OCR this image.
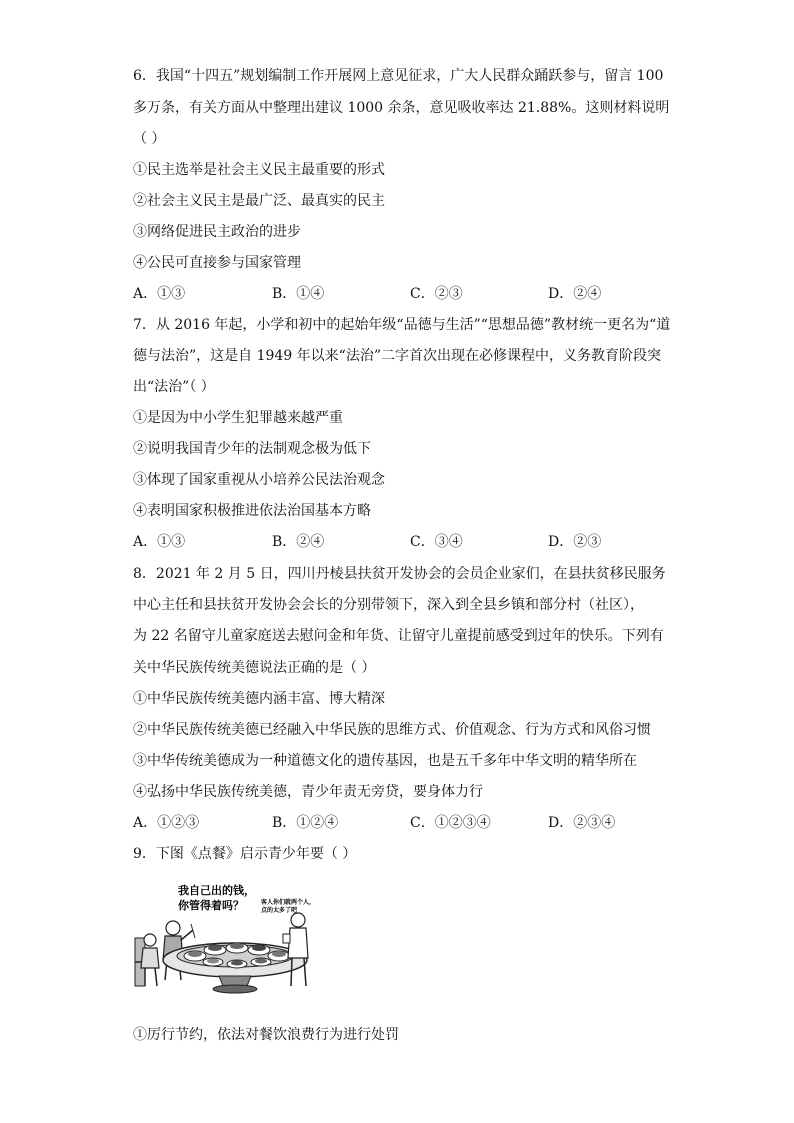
6．我国“十四五”规划编制工作开展网上意见征求，广大人民群众踊跃参与，留言 100
多万条，有关方面从中整理出建议 1000 余条，意见吸收率达 21.88%。这则材料说明
（ ）
①民主选举是社会主义民主最重要的形式
②社会主义民主是最广泛、最真实的民主
③网络促进民主政治的进步
④公民可直接参与国家管理
A．①③	B．①④	C．②③	D．②④
7．从 2016 年起，小学和初中的起始年级“品德与生活”“思想品德”教材统一更名为“道
德与法治”，这是自 1949 年以来“法治”二字首次出现在必修课程中，义务教育阶段突
出“法治”（ ）
①是因为中小学生犯罪越来越严重
②说明我国青少年的法制观念极为低下
③体现了国家重视从小培养公民法治观念
④表明国家积极推进依法治国基本方略
A．①③	B．②④	C．③④	D．②③
8．2021 年 2 月 5 日，四川丹棱县扶贫开发协会的会员企业家们，在县扶贫移民服务
中心主任和县扶贫开发协会会长的分别带领下，深入到全县乡镇和部分村（社区），
为 22 名留守儿童家庭送去慰问金和年货、让留守儿童提前感受到过年的快乐。下列有
关中华民族传统美德说法正确的是（ ）
①中华民族传统美德内涵丰富、博大精深
②中华民族传统美德已经融入中华民族的思维方式、价值观念、行为方式和风俗习惯
③中华传统美德成为一种道德文化的遗传基因，也是五千多年中华文明的精华所在
④弘扬中华民族传统美德，青少年责无旁贷，要身体力行
A．①②③	B．①②④	C．①②③④	D．②③④
9．下图《点餐》启示青少年要（ ）
我自己出的钱，
你管得着吗？	客人你们就两个人，
点的太多了吧
①厉行节约，依法对餐饮浪费行为进行处罚
